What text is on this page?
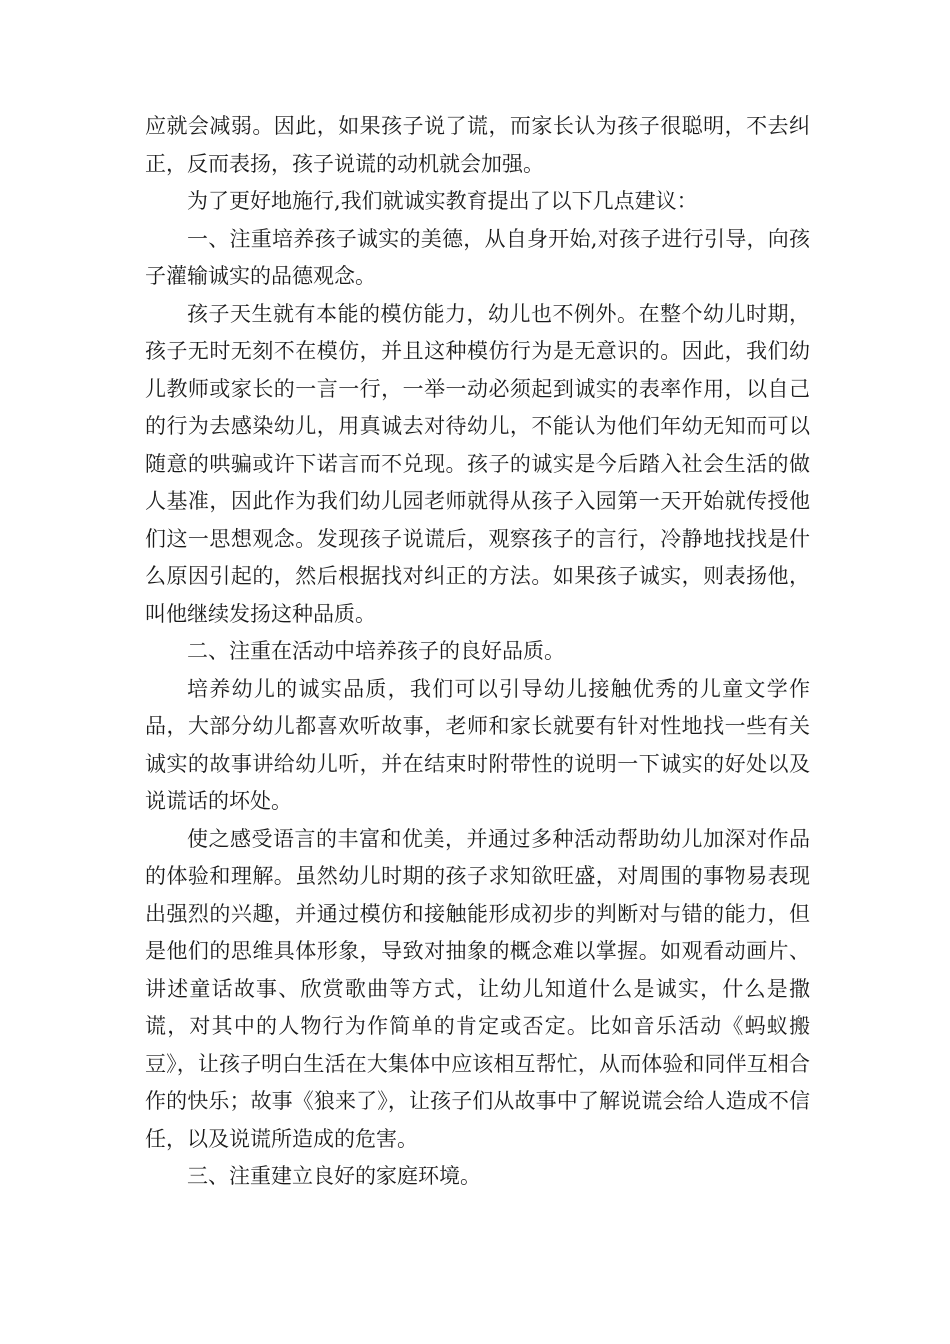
应就会减弱。因此，如果孩子说了谎，而家长认为孩子很聪明，不去纠正，反而表扬，孩子说谎的动机就会加强。

为了更好地施行,我们就诚实教育提出了以下几点建议：

一、注重培养孩子诚实的美德，从自身开始,对孩子进行引导，向孩子灌输诚实的品德观念。

孩子天生就有本能的模仿能力，幼儿也不例外。在整个幼儿时期，孩子无时无刻不在模仿，并且这种模仿行为是无意识的。因此，我们幼儿教师或家长的一言一行，一举一动必须起到诚实的表率作用，以自己的行为去感染幼儿，用真诚去对待幼儿，不能认为他们年幼无知而可以随意的哄骗或许下诺言而不兑现。孩子的诚实是今后踏入社会生活的做人基准，因此作为我们幼儿园老师就得从孩子入园第一天开始就传授他们这一思想观念。发现孩子说谎后，观察孩子的言行，冷静地找找是什么原因引起的，然后根据找对纠正的方法。如果孩子诚实，则表扬他，叫他继续发扬这种品质。

二、注重在活动中培养孩子的良好品质。

培养幼儿的诚实品质，我们可以引导幼儿接触优秀的儿童文学作品，大部分幼儿都喜欢听故事，老师和家长就要有针对性地找一些有关诚实的故事讲给幼儿听，并在结束时附带性的说明一下诚实的好处以及说谎话的坏处。

使之感受语言的丰富和优美，并通过多种活动帮助幼儿加深对作品的体验和理解。虽然幼儿时期的孩子求知欲旺盛，对周围的事物易表现出强烈的兴趣，并通过模仿和接触能形成初步的判断对与错的能力，但是他们的思维具体形象，导致对抽象的概念难以掌握。如观看动画片、讲述童话故事、欣赏歌曲等方式，让幼儿知道什么是诚实，什么是撒谎，对其中的人物行为作简单的肯定或否定。比如音乐活动《蚂蚁搬豆》，让孩子明白生活在大集体中应该相互帮忙，从而体验和同伴互相合作的快乐；故事《狼来了》，让孩子们从故事中了解说谎会给人造成不信任，以及说谎所造成的危害。

三、注重建立良好的家庭环境。
